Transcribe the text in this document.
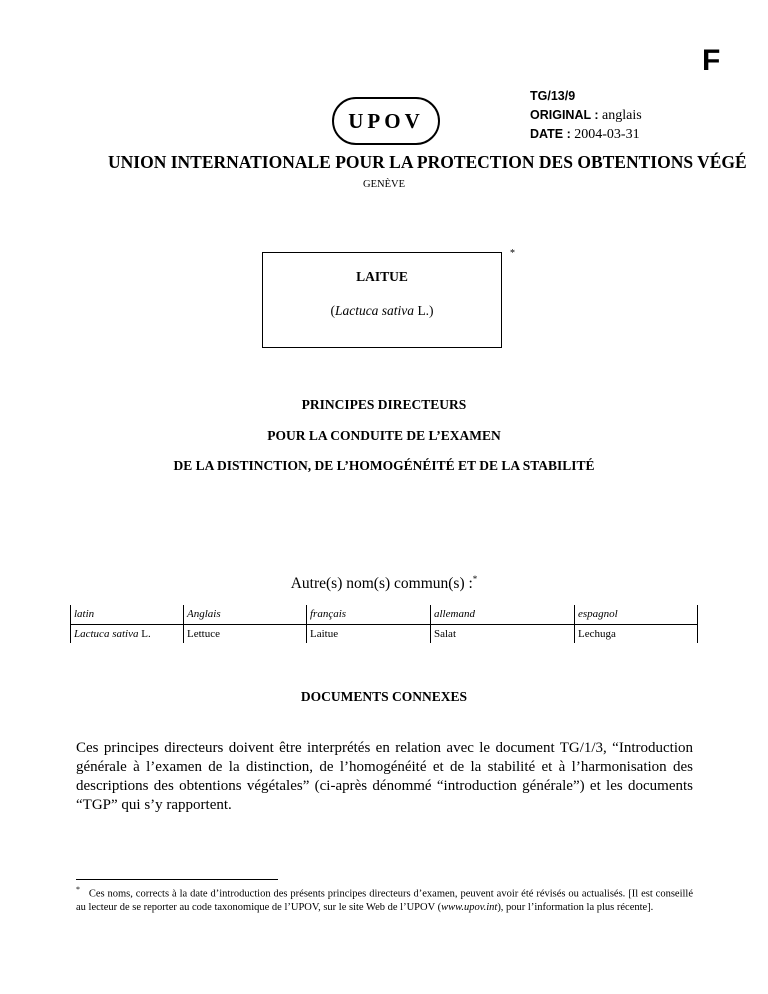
F
TG/13/9
ORIGINAL : anglais
DATE : 2004-03-31
UPOV
UNION INTERNATIONALE POUR LA PROTECTION DES OBTENTIONS VÉGÉ
GENÈVE
LAITUE
(Lactuca sativa L.)
*
PRINCIPES DIRECTEURS
POUR LA CONDUITE DE L’EXAMEN
DE LA DISTINCTION, DE L’HOMOGÉNÉITÉ ET DE LA STABILITÉ
Autre(s) nom(s) commun(s) :*
latin	Anglais	français	allemand	espagnol
Lactuca sativa L.	Lettuce	Laitue	Salat	Lechuga
DOCUMENTS CONNEXES
Ces principes directeurs doivent être interprétés en relation avec le document TG/1/3, “Introduction générale à l’examen de la distinction, de l’homogénéité et de la stabilité et à l’harmonisation des descriptions des obtentions végétales” (ci-après dénommé “introduction générale”) et les documents “TGP” qui s’y rapportent.
* Ces noms, corrects à la date d’introduction des présents principes directeurs d’examen, peuvent avoir été révisés ou actualisés. [Il est conseillé au lecteur de se reporter au code taxonomique de l’UPOV, sur le site Web de l’UPOV (www.upov.int), pour l’information la plus récente].
